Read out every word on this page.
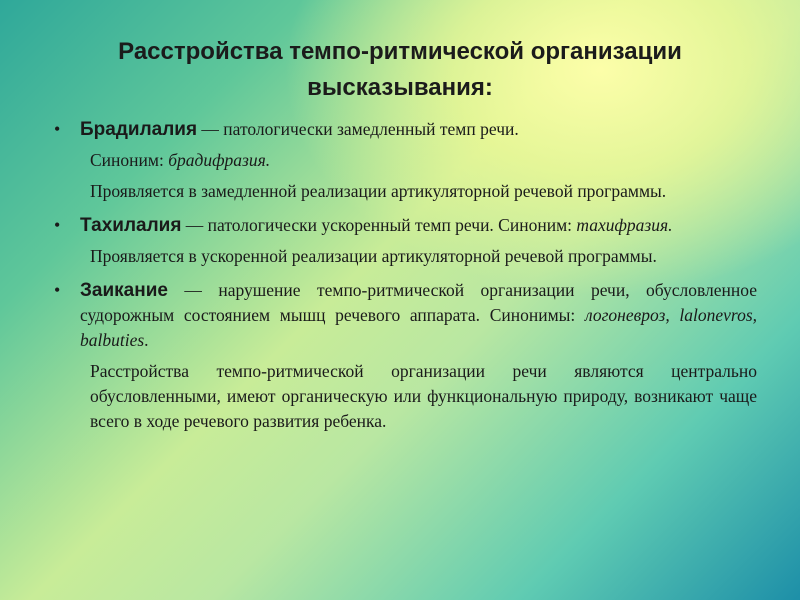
Расстройства темпо-ритмической организации
высказывания:

• Брадилалия — патологически замедленный темп речи.

Синоним: брадифразия.

Проявляется в замедленной реализации артикуляторной речевой программы.

• Тахилалия — патологически ускоренный темп речи. Синоним: тахифразия.

Проявляется в ускоренной реализации артикуляторной речевой программы.

• Заикание — нарушение темпо-ритмической организации речи, обусловленное судорожным состоянием мышц речевого аппарата. Синонимы: логоневроз, lalonevros, balbuties.

Расстройства темпо-ритмической организации речи являются центрально обусловленными, имеют органическую или функциональную природу, возникают чаще всего в ходе речевого развития ребенка.
